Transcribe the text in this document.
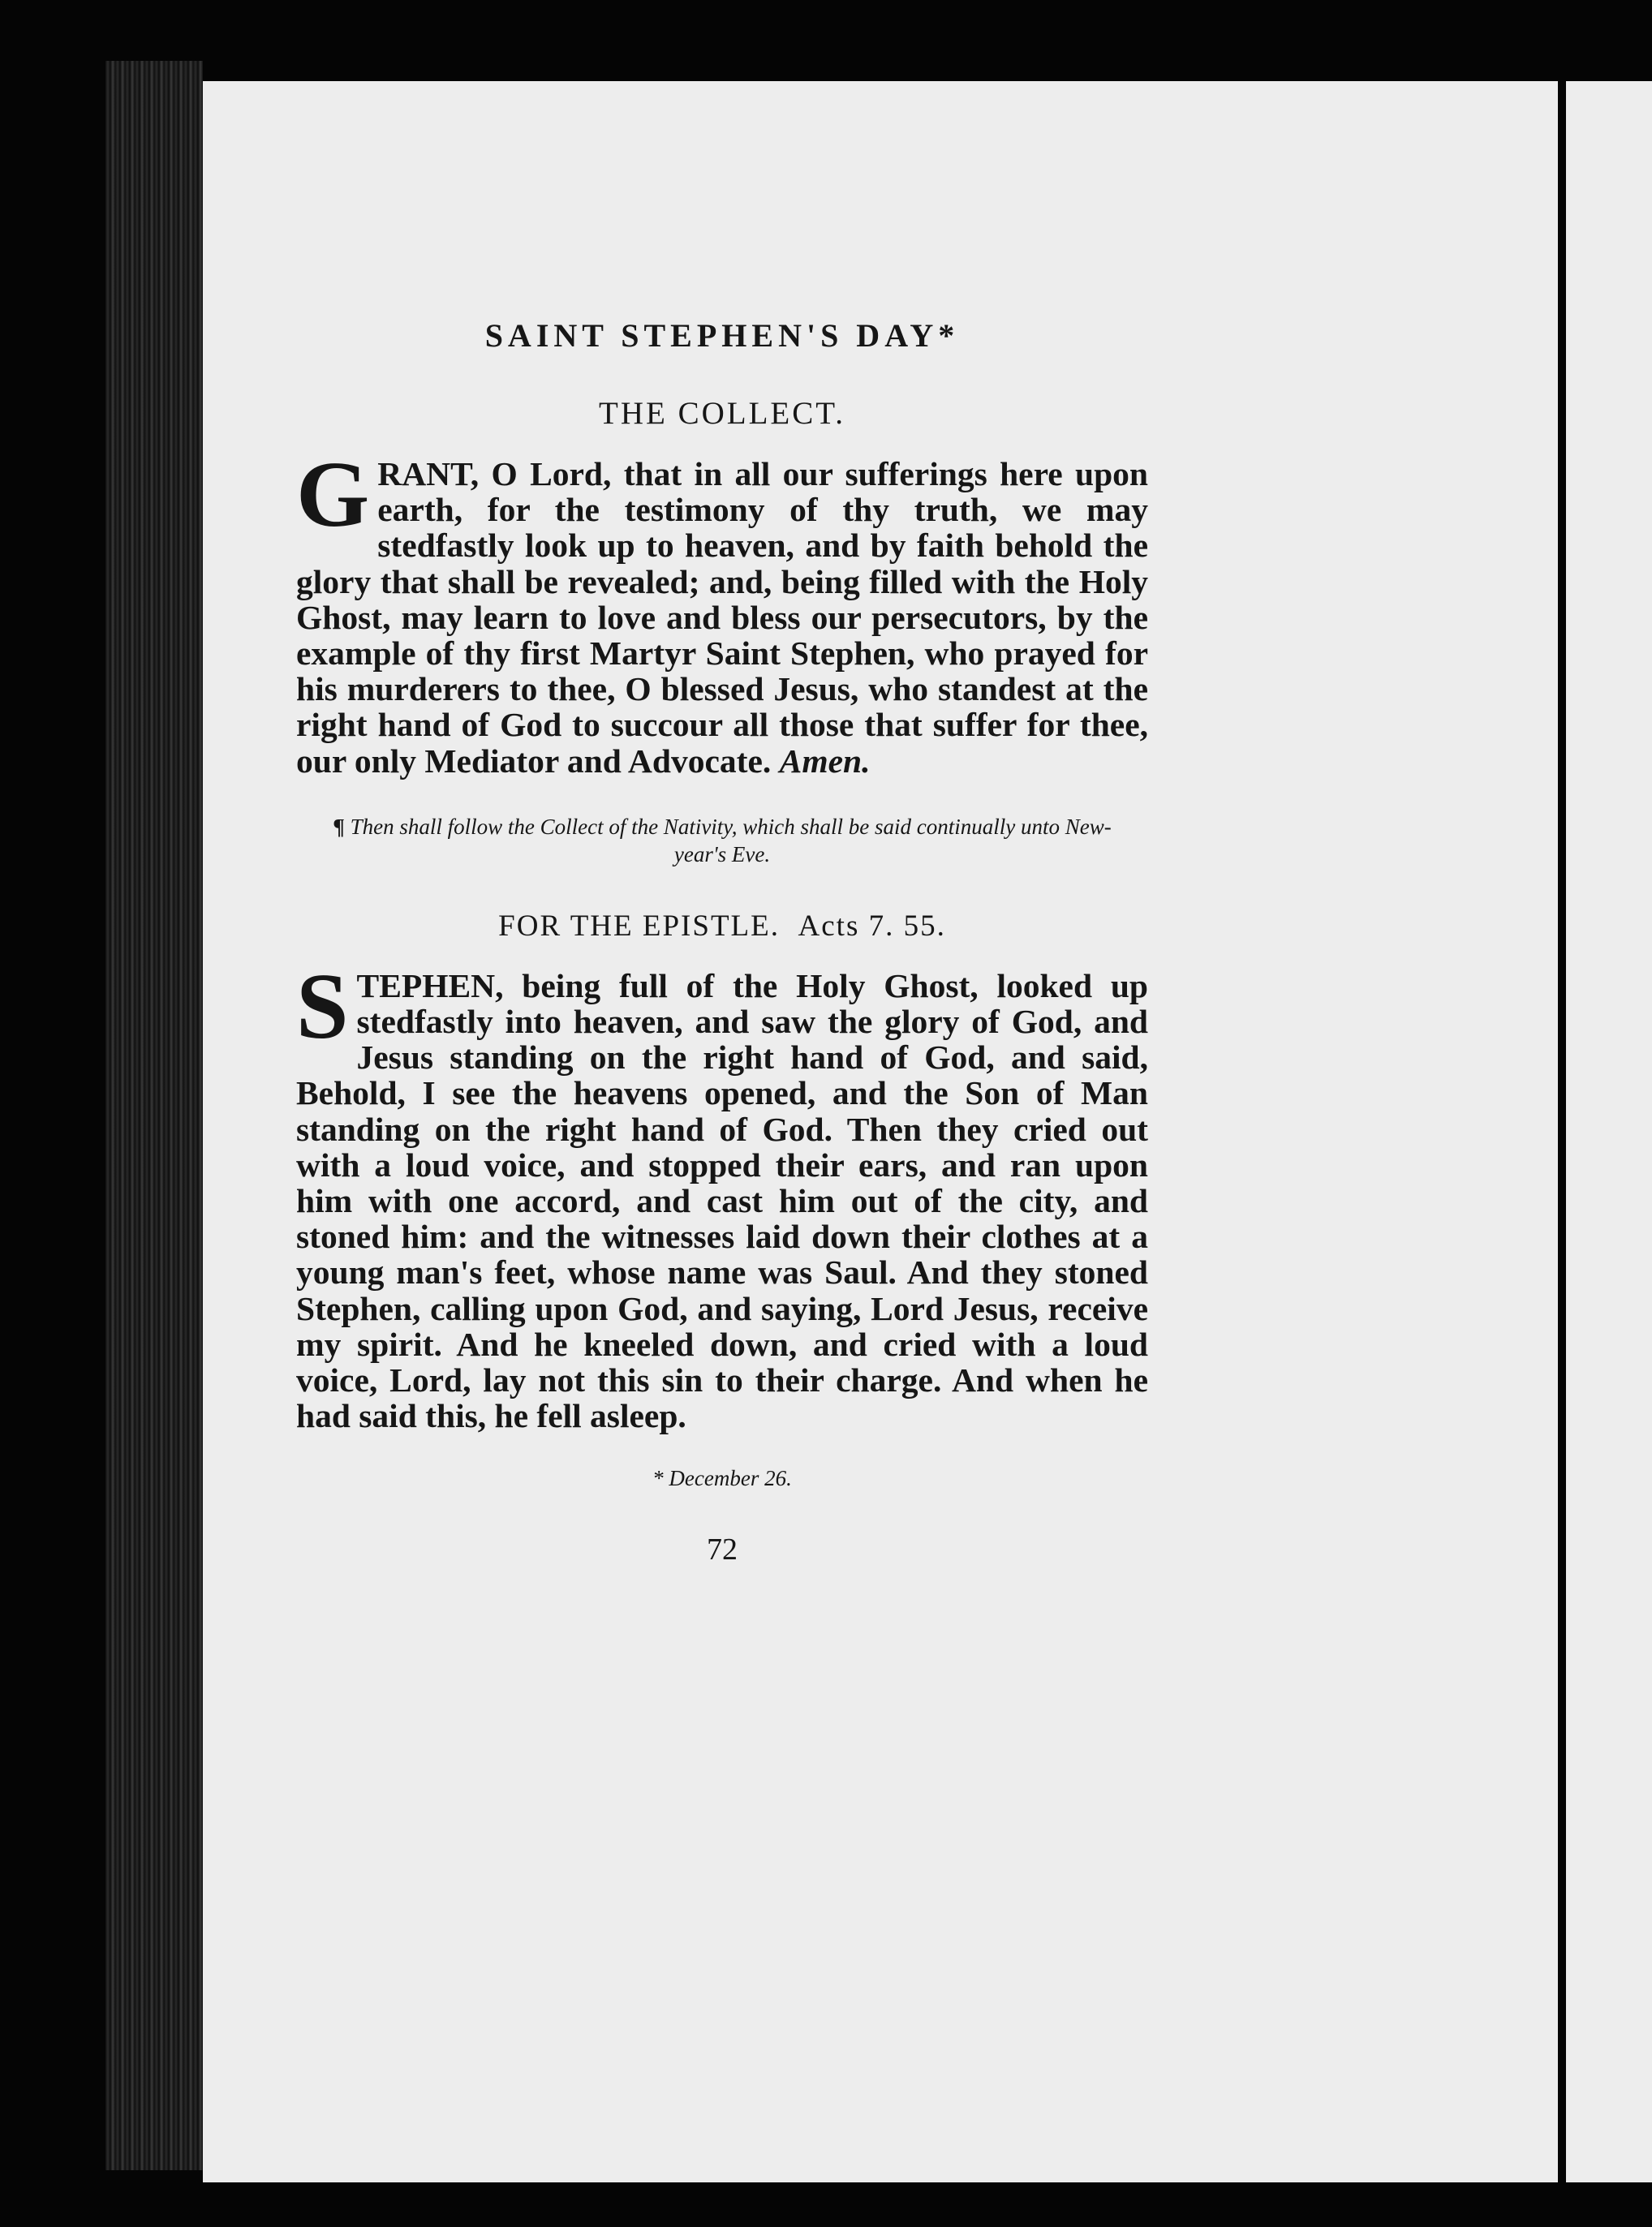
SAINT STEPHEN'S DAY*
THE COLLECT.

GRANT, O Lord, that in all our sufferings here upon earth, for the testimony of thy truth, we may stedfastly look up to heaven, and by faith behold the glory that shall be revealed; and, being filled with the Holy Ghost, may learn to love and bless our persecutors, by the example of thy first Martyr Saint Stephen, who prayed for his murderers to thee, O blessed Jesus, who standest at the right hand of God to succour all those that suffer for thee, our only Mediator and Advocate. Amen.

¶ Then shall follow the Collect of the Nativity, which shall be said continually unto New-year's Eve.
FOR THE EPISTLE. Acts 7. 55.

STEPHEN, being full of the Holy Ghost, looked up stedfastly into heaven, and saw the glory of God, and Jesus standing on the right hand of God, and said, Behold, I see the heavens opened, and the Son of Man standing on the right hand of God. Then they cried out with a loud voice, and stopped their ears, and ran upon him with one accord, and cast him out of the city, and stoned him: and the witnesses laid down their clothes at a young man's feet, whose name was Saul. And they stoned Stephen, calling upon God, and saying, Lord Jesus, receive my spirit. And he kneeled down, and cried with a loud voice, Lord, lay not this sin to their charge. And when he had said this, he fell asleep.

* December 26.
72
